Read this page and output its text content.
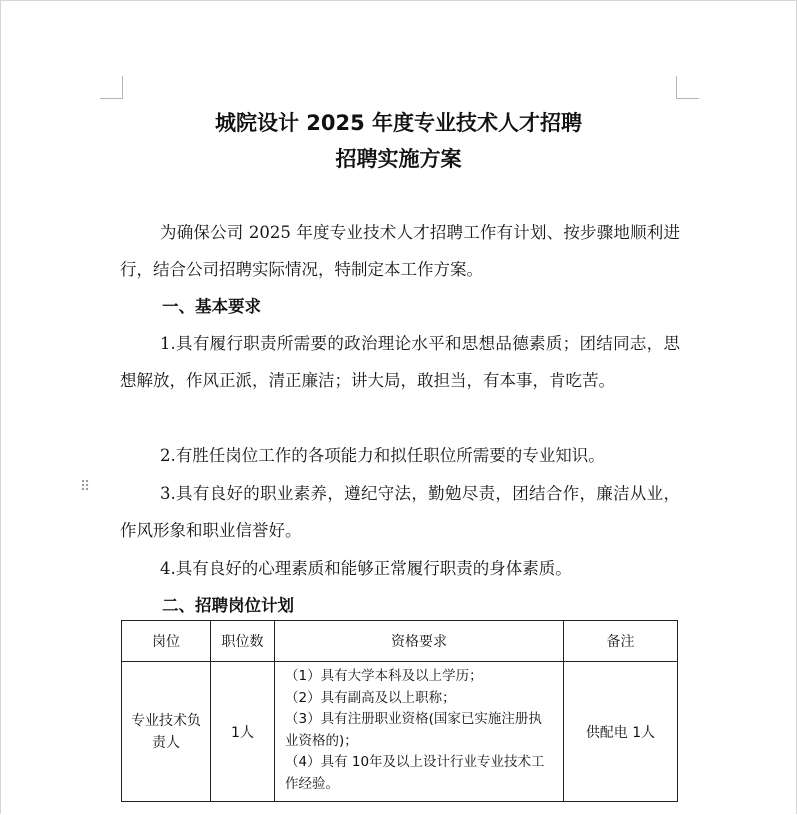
⠿
城院设计 2025 年度专业技术人才招聘
招聘实施方案
为确保公司 2025 年度专业技术人才招聘工作有计划、按步骤地顺利进行，结合公司招聘实际情况，特制定本工作方案。
一、基本要求
1.具有履行职责所需要的政治理论水平和思想品德素质；团结同志，思想解放，作风正派，清正廉洁；讲大局，敢担当，有本事，肯吃苦。
2.有胜任岗位工作的各项能力和拟任职位所需要的专业知识。
3.具有良好的职业素养，遵纪守法，勤勉尽责，团结合作，廉洁从业，作风形象和职业信誉好。
4.具有良好的心理素质和能够正常履行职责的身体素质。
二、招聘岗位计划
岗位	职位数	资格要求	备注
专业技术负责人	1人	（1）具有大学本科及以上学历；
（2）具有副高及以上职称；
（3）具有注册职业资格(国家已实施注册执业资格的)；
（4）具有 10年及以上设计行业专业技术工作经验。	供配电 1人
